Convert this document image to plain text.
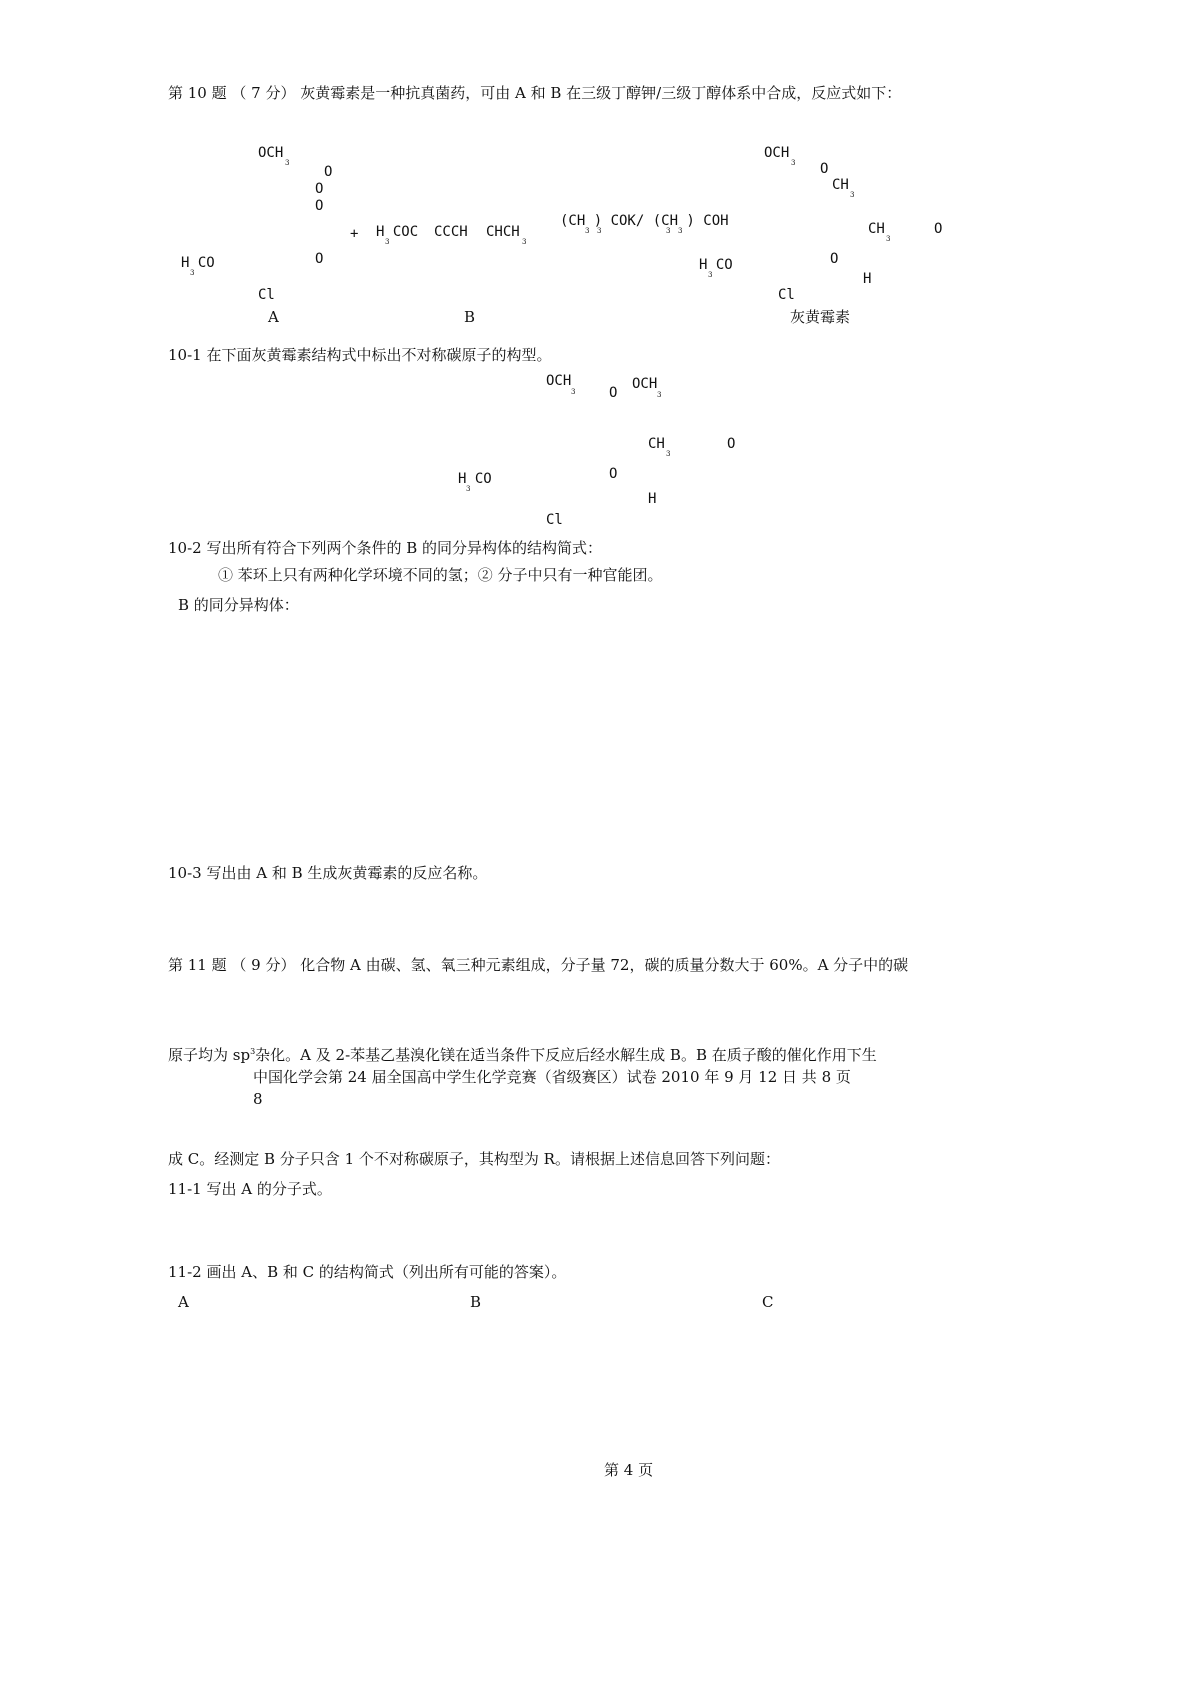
第 10 题 （ 7 分） 灰黄霉素是一种抗真菌药，可由 A 和 B 在三级丁醇钾/三级丁醇体系中合成，反应式如下：
OCH
3
O
O
O
O
H CO
3
Cl
A
+ H COC
3
CCCH CHCH
3
B
(CH ) COK/ (CH ) COH
3 3	3 3
OCH
3 O
CH
3
CH
3
O
H CO
3
O
H
Cl
灰黄霉素
10-1 在下面灰黄霉素结构式中标出不对称碳原子的构型。
OCH
3 O
OCH
3
CH
3
O
O
H CO
3
H
Cl
10-2 写出所有符合下列两个条件的 B 的同分异构体的结构简式：
① 苯环上只有两种化学环境不同的氢；② 分子中只有一种官能团。
B 的同分异构体：
10-3 写出由 A 和 B 生成灰黄霉素的反应名称。
第 11 题 （ 9 分） 化合物 A 由碳、氢、氧三种元素组成，分子量 72，碳的质量分数大于 60%。A 分子中的碳
原子均为 $sp^3$杂化。A 及 2-苯基乙基溴化镁在适当条件下反应后经水解生成 B。B 在质子酸的催化作用下生
中国化学会第 24 届全国高中学生化学竞赛（省级赛区）试卷 2010 年 9 月 12 日 共 8 页
8
成 C。经测定 B 分子只含 1 个不对称碳原子，其构型为 R。请根据上述信息回答下列问题：
11-1 写出 A 的分子式。
11-2 画出 A、B 和 C 的结构简式（列出所有可能的答案）。
A	B	C
第 4 页
